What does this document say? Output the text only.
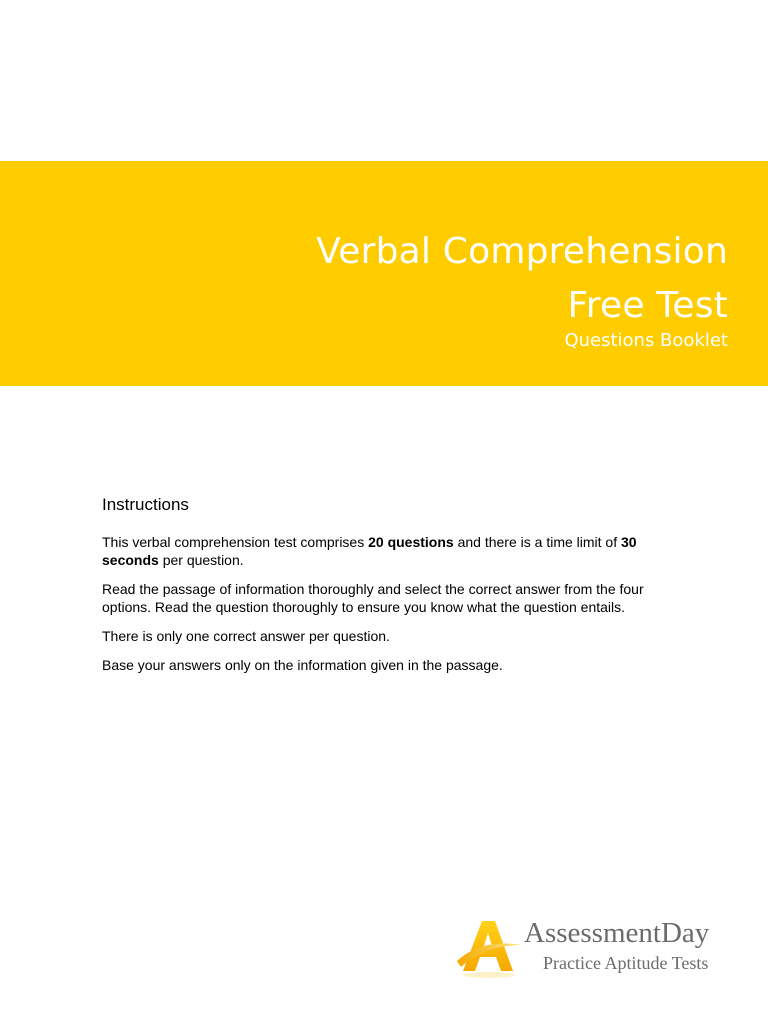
Verbal Comprehension
Free Test
Questions Booklet
Instructions

This verbal comprehension test comprises 20 questions and there is a time limit of 30 seconds per question.

Read the passage of information thoroughly and select the correct answer from the four options. Read the question thoroughly to ensure you know what the question entails.

There is only one correct answer per question.

Base your answers only on the information given in the passage.

AssessmentDay
Practice Aptitude Tests
